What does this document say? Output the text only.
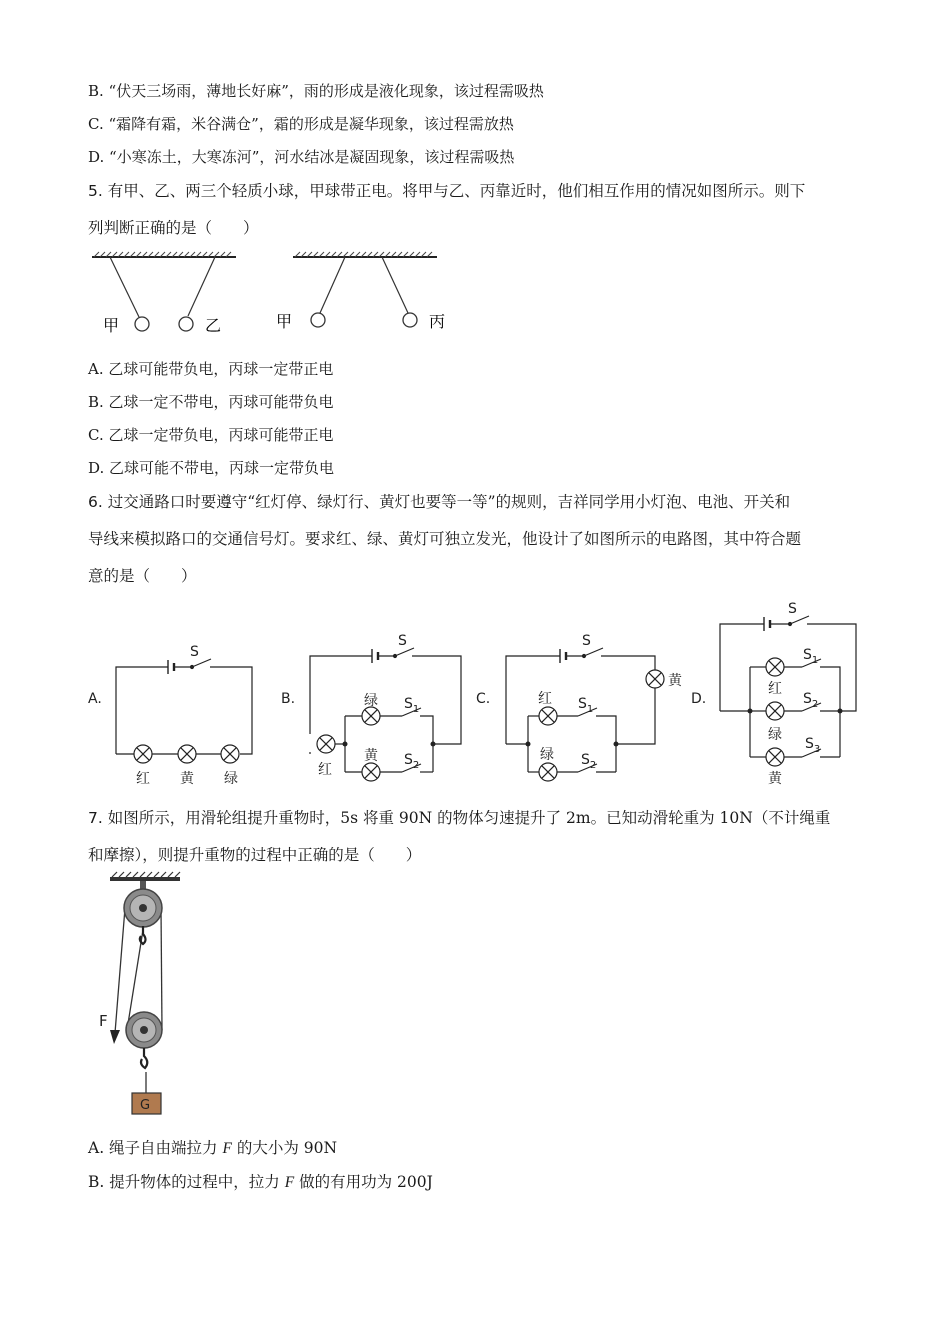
B. “伏天三场雨，薄地长好麻”，雨的形成是液化现象，该过程需吸热
C. “霜降有霜，米谷满仓”，霜的形成是凝华现象，该过程需放热
D. “小寒冻土，大寒冻河”，河水结冰是凝固现象，该过程需吸热
5. 有甲、乙、两三个轻质小球，甲球带正电。将甲与乙、丙靠近时，他们相互作用的情况如图所示。则下
列判断正确的是（　　）
甲	乙	甲	丙
A. 乙球可能带负电，丙球一定带正电
B. 乙球一定不带电，丙球可能带负电
C. 乙球一定带负电，丙球可能带正电
D. 乙球可能不带电，丙球一定带负电
6. 过交通路口时要遵守“红灯停、绿灯行、黄灯也要等一等”的规则，吉祥同学用小灯泡、电池、开关和
导线来模拟路口的交通信号灯。要求红、绿、黄灯可独立发光，他设计了如图所示的电路图，其中符合题
意的是（　　）
A.	B.	C.	D.
S
S	S
S
$S_1$
$S_2$
$S_1$
$S_2$
$S_1$
$S_2$
$S_3$
红 黄 绿
绿
黄
红
黄
红
绿
红
绿
黄
7. 如图所示，用滑轮组提升重物时，5s 将重 90N 的物体匀速提升了 2m。已知动滑轮重为 10N（不计绳重
和摩擦），则提升重物的过程中正确的是（　　）
F
G
A. 绳子自由端拉力 F 的大小为 90N
B. 提升物体的过程中，拉力 F 做的有用功为 200J
